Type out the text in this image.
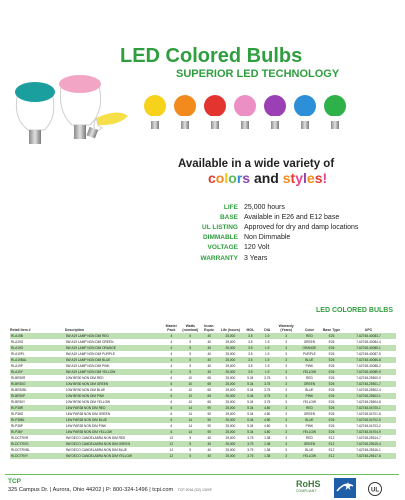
LED Colored Bulbs
SUPERIOR LED TECHNOLOGY
Available in a wide variety of
colors and styles!
LIFE 25,000 hours
BASE Available in E26 and E12 base
UL LISTING Approved for dry and damp locations
DIMMABLE Non Dimmable
VOLTAGE 120 Volt
WARRANTY 3 Years
LED COLORED BULBS
Retail Item #	Description	Master Pack	Watts (nominal)	Incan. Equiv.	Life (hours)	MOL	DIA	Warranty (Years)	Color	Base Type	UPC
RLA19B	5W A19 LAMP NON DIM RED	4	5	40	25,000	3.5	1.9	3	RED	E26	7-62748-40083-7
RLA19G	5W A19 LAMP NON DIM GREEN	4	5	40	25,000	3.5	1.9	3	GREEN	E26	7-62748-40084-4
RLA19O	5W A19 LAMP NON DIM ORANGE	4	5	40	25,000	3.5	1.9	3	ORANGE	E26	7-62748-40085-1
RLA19PL	5W A19 LAMP NON DIM PURPLE	4	5	40	25,000	3.5	1.9	3	PURPLE	E26	7-62748-40087-5
RLA19BAL	5W A19 LAMP NON DIM BLUE	4	5	40	25,000	3.5	1.9	3	BLUE	E26	7-62748-40086-8
RLA19P	5W A19 LAMP NON DIM PINK	4	5	40	25,000	3.5	1.9	3	PINK	E26	7-62748-40088-2
RLA19Y	5W A19 LAMP NON DIM YELLOW	4	5	40	25,000	3.5	1.9	3	YELLOW	E26	7-62748-40089-9
RLBR30R	10W BR30 NON DIM RED	6	10	65	25,000	5.34	3.75	3	RED	E26	7-62748-25500-0
RLBR30G	10W BR30 NON DIM GREEN	6	10	65	25,000	5.34	3.75	3	GREEN	E26	7-62748-25501-7
RLBR30BL	10W BR30 NON DIM BLUE	6	10	65	25,000	5.34	3.75	3	BLUE	E26	7-62748-25502-4
RLBR30P	10W BR30 NON DIM PINK	6	10	65	25,000	5.34	3.75	3	PINK	E26	7-62748-25503-1
RLBR30Y	10W BR30 NON DIM YELLOW	6	10	65	25,000	5.34	3.75	3	YELLOW	E26	7-62748-25504-8
RLP38R	14W PAR38 NON DIM RED	6	14	90	25,000	5.34	4.80	3	RED	E26	7-62748-04700-1
RLP38G	14W PAR38 NON DIM GREEN	6	14	90	25,000	5.34	4.80	3	GREEN	E26	7-62748-04701-8
RLP38BL	14W PAR38 NON DIM BLUE	6	14	90	25,000	5.34	4.80	3	BLUE	E26	7-62748-04702-5
RLP38P	14W PAR38 NON DIM PINK	6	14	90	25,000	5.34	4.80	3	PINK	E26	7-62748-04703-2
RLP38Y	14W PAR38 NON DIM YELLOW	6	14	90	25,000	5.34	4.80	3	YELLOW	E26	7-62748-04704-9
RLDCTRVR	5W DECO CANDELABRA NON DIM RED	12	5	40	25,000	3.75	1.38	3	RED	E12	7-62748-25514-7
RLDCTRVG	5W DECO CANDELABRA NON DIM GREEN	12	5	40	25,000	3.75	1.38	3	GREEN	E12	7-62748-25515-4
RLDCTRVBL	5W DECO CANDELABRA NON DIM BLUE	12	5	40	25,000	3.75	1.38	3	BLUE	E12	7-62748-25516-1
RLDCTRVY	5W DECO CANDELABRA NON DIM YELLOW	12	5	40	25,000	3.75	1.38	3	YELLOW	E12	7-62748-25517-8
TCP
325 Campus Dr. | Aurora, Ohio 44202 | P: 800-324-1496 | tcpi.com TCP 2016 (S2) 1320F
RoHS
COMPLIANT	UL
